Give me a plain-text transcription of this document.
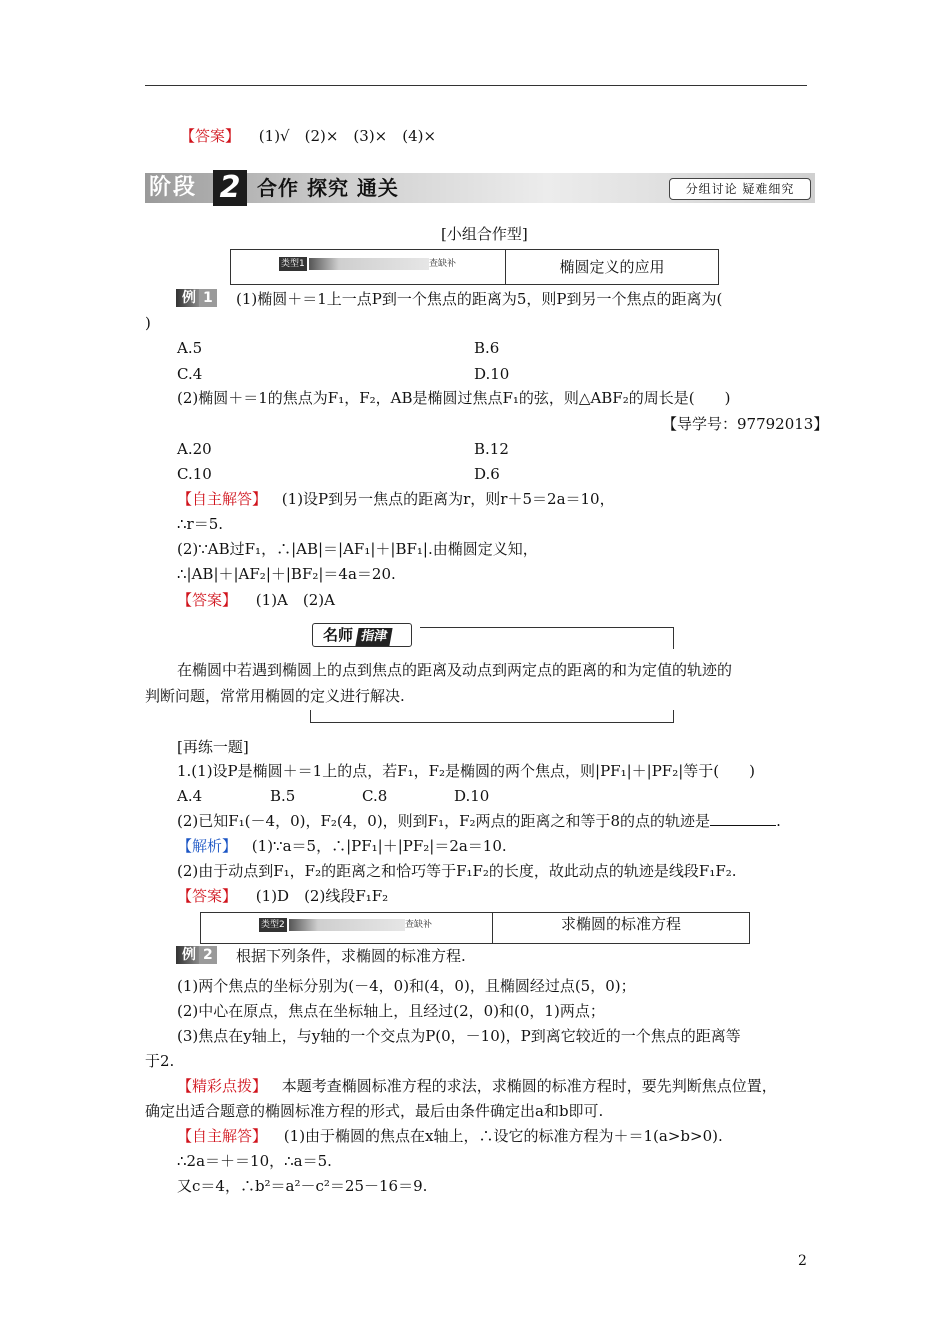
【答案】 (1)√　(2)×　(3)×　(4)×
阶段 2 合作 探究 通关	分组讨论 疑难细究
[小组合作型]
类型1	查缺补	椭圆定义的应用
例 1 (1)椭圆＋＝1上一点P到一个焦点的距离为5，则P到另一个焦点的距离为(
)
A.5	B.6
C.4	D.10
(2)椭圆＋＝1的焦点为F₁，F₂，AB是椭圆过焦点F₁的弦，则△ABF₂的周长是(　　)
【导学号：97792013】
A.20	B.12
C.10	D.6
【自主解答】 (1)设P到另一焦点的距离为r，则r＋5＝2a＝10，
∴r＝5.
(2)∵AB过F₁，∴|AB|＝|AF₁|＋|BF₁|.由椭圆定义知，
∴|AB|＋|AF₂|＋|BF₂|＝4a＝20.
【答案】 (1)A　(2)A
名师 指津
在椭圆中若遇到椭圆上的点到焦点的距离及动点到两定点的距离的和为定值的轨迹的
判断问题，常常用椭圆的定义进行解决.
[再练一题]
1.(1)设P是椭圆＋＝1上的点，若F₁，F₂是椭圆的两个焦点，则|PF₁|＋|PF₂|等于(　　)
A.4	B.5	C.8	D.10
(2)已知F₁(－4，0)，F₂(4，0)，则到F₁，F₂两点的距离之和等于8的点的轨迹是	.
【解析】 (1)∵a＝5，∴|PF₁|＋|PF₂|＝2a＝10.
(2)由于动点到F₁，F₂的距离之和恰巧等于F₁F₂的长度，故此动点的轨迹是线段F₁F₂.
【答案】 (1)D　(2)线段F₁F₂
类型2	查缺补	求椭圆的标准方程
例 2 根据下列条件，求椭圆的标准方程.
(1)两个焦点的坐标分别为(－4，0)和(4，0)，且椭圆经过点(5，0)；
(2)中心在原点，焦点在坐标轴上，且经过(2，0)和(0，1)两点；
(3)焦点在y轴上，与y轴的一个交点为P(0，－10)，P到离它较近的一个焦点的距离等
于2.
【精彩点拨】 本题考查椭圆标准方程的求法，求椭圆的标准方程时，要先判断焦点位置，
确定出适合题意的椭圆标准方程的形式，最后由条件确定出a和b即可.
【自主解答】 (1)由于椭圆的焦点在x轴上，∴设它的标准方程为＋＝1(a>b>0).
∴2a＝＋＝10，∴a＝5.
又c＝4，∴b²＝a²－c²＝25－16＝9.
2
